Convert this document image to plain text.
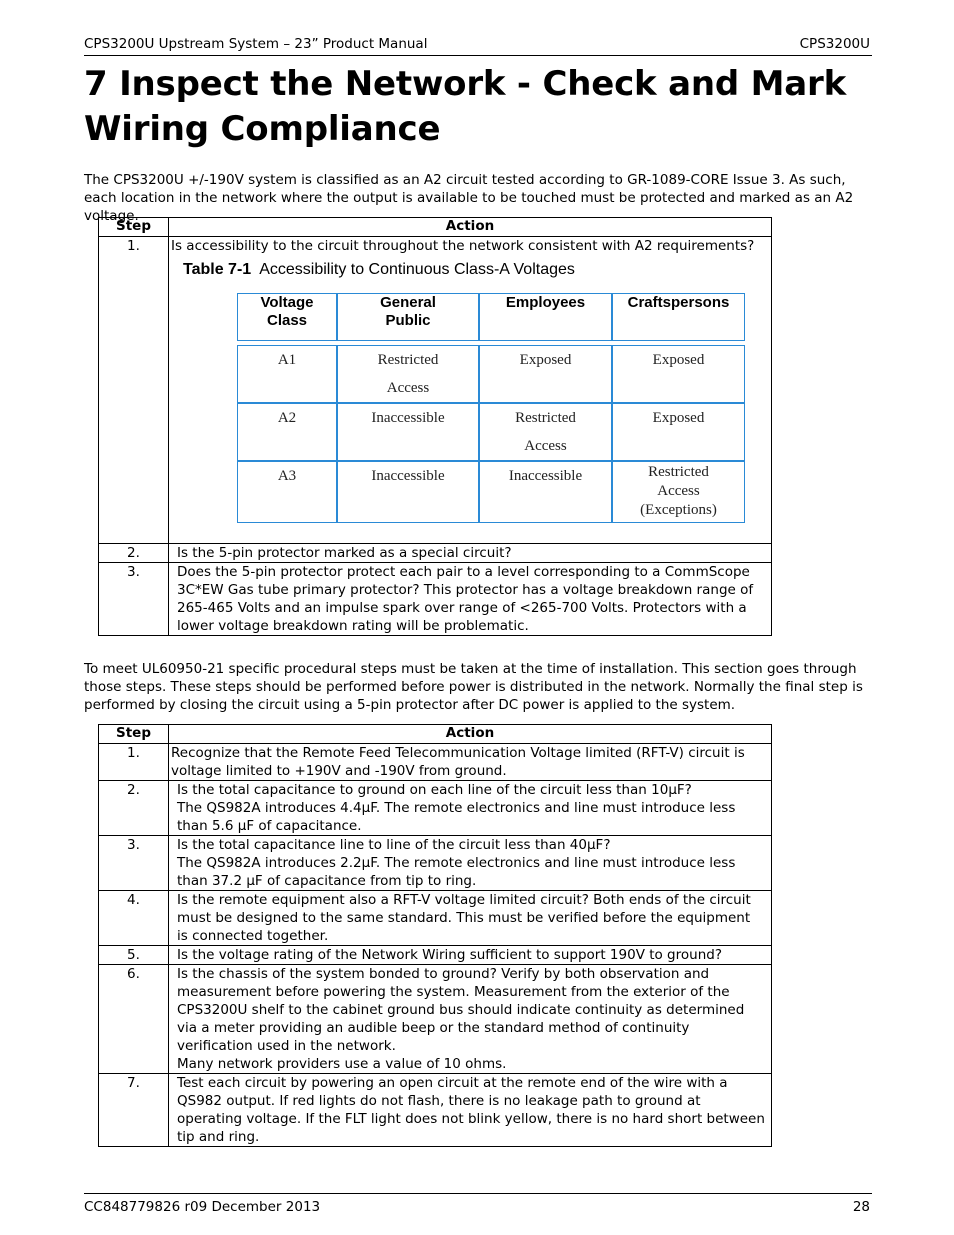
CPS3200U Upstream System – 23” Product Manual	CPS3200U
7 Inspect the Network - Check and Mark Wiring Compliance

The CPS3200U +/-190V system is classified as an A2 circuit tested according to GR-1089-CORE Issue 3. As such, each location in the network where the output is available to be touched must be protected and marked as an A2 voltage.

Step	Action
1.	Is accessibility to the circuit throughout the network consistent with A2 requirements?
Table 7-1 Accessibility to Continuous Class-A Voltages
Voltage Class	General Public	Employees	Craftspersons

A1	Restricted Access	Exposed	Exposed
A2	Inaccessible	Restricted Access	Exposed
A3	Inaccessible	Inaccessible	Restricted Access (Exceptions)

2.	Is the 5-pin protector marked as a special circuit?
3.	Does the 5-pin protector protect each pair to a level corresponding to a CommScope 3C*EW Gas tube primary protector? This protector has a voltage breakdown range of 265-465 Volts and an impulse spark over range of <265-700 Volts. Protectors with a lower voltage breakdown rating will be problematic.

To meet UL60950-21 specific procedural steps must be taken at the time of installation. This section goes through those steps. These steps should be performed before power is distributed in the network. Normally the final step is performed by closing the circuit using a 5-pin protector after DC power is applied to the system.

Step	Action
1.	Recognize that the Remote Feed Telecommunication Voltage limited (RFT-V) circuit is voltage limited to +190V and -190V from ground.

2.	Is the total capacitance to ground on each line of the circuit less than 10µF?
The QS982A introduces 4.4µF. The remote electronics and line must introduce less than 5.6 µF of capacitance.

3.	Is the total capacitance line to line of the circuit less than 40µF?
The QS982A introduces 2.2µF. The remote electronics and line must introduce less than 37.2 µF of capacitance from tip to ring.

4.	Is the remote equipment also a RFT-V voltage limited circuit? Both ends of the circuit must be designed to the same standard. This must be verified before the equipment is connected together.

5.	Is the voltage rating of the Network Wiring sufficient to support 190V to ground?

6.	Is the chassis of the system bonded to ground? Verify by both observation and measurement before powering the system. Measurement from the exterior of the CPS3200U shelf to the cabinet ground bus should indicate continuity as determined via a meter providing an audible beep or the standard method of continuity verification used in the network.
Many network providers use a value of 10 ohms.

7.	Test each circuit by powering an open circuit at the remote end of the wire with a QS982 output. If red lights do not flash, there is no leakage path to ground at operating voltage. If the FLT light does not blink yellow, there is no hard short between tip and ring.
CC848779826 r09 December 2013	28
